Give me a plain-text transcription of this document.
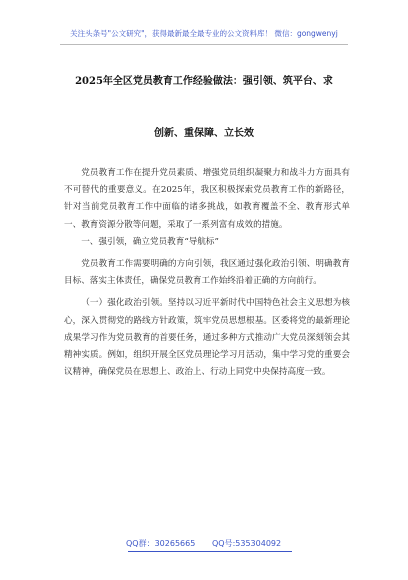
关注头条号"公文研究"，获得最新最全最专业的公文资料库！ 微信：gongwenyj
2025年全区党员教育工作经验做法：强引领、筑平台、求
创新、重保障、立长效

党员教育工作在提升党员素质、增强党员组织凝聚力和战斗力方面具有不可替代的重要意义。在2025年，我区积极探索党员教育工作的新路径，针对当前党员教育工作中面临的诸多挑战，如教育覆盖不全、教育形式单一、教育资源分散等问题，采取了一系列富有成效的措施。

一、强引领，确立党员教育“导航标”

党员教育工作需要明确的方向引领，我区通过强化政治引领、明确教育目标、落实主体责任，确保党员教育工作始终沿着正确的方向前行。

（一）强化政治引领。坚持以习近平新时代中国特色社会主义思想为核心，深入贯彻党的路线方针政策，筑牢党员思想根基。区委将党的最新理论成果学习作为党员教育的首要任务，通过多种方式推动广大党员深刻领会其精神实质。例如，组织开展全区党员理论学习月活动，集中学习党的重要会议精神，确保党员在思想上、政治上、行动上同党中央保持高度一致。

QQ群：30265665 QQ号:535304092
